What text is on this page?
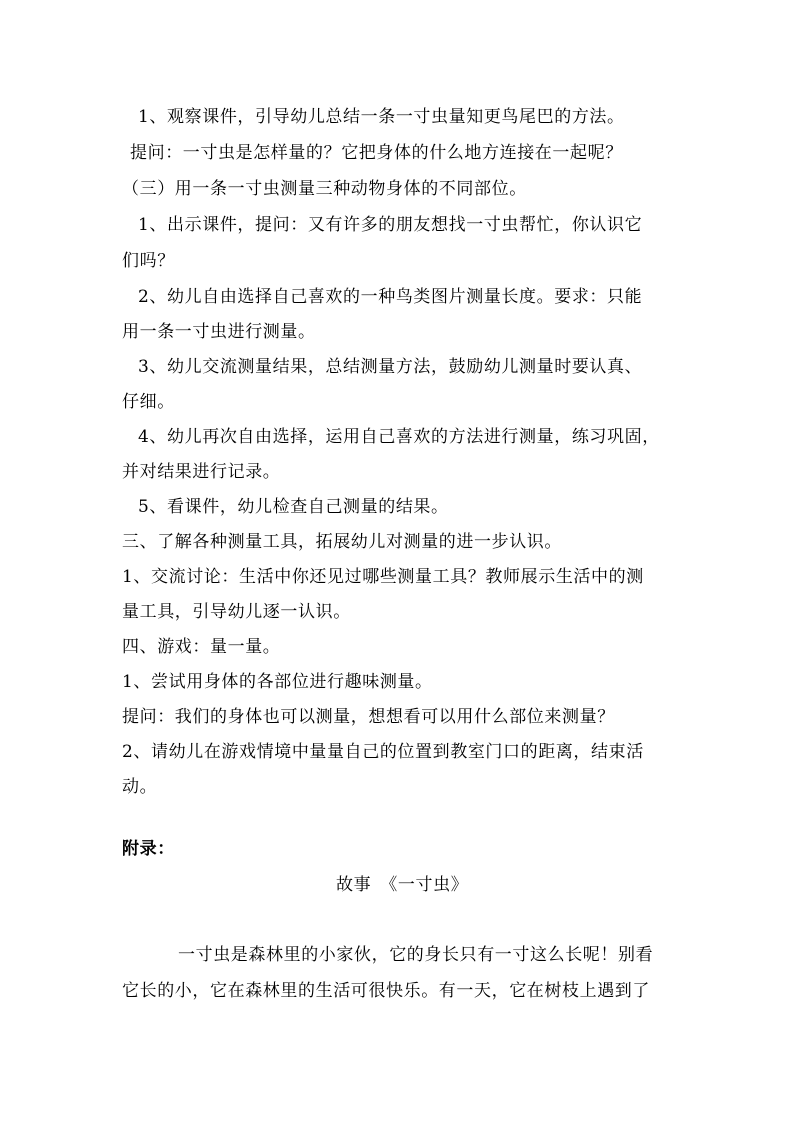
1、观察课件，引导幼儿总结一条一寸虫量知更鸟尾巴的方法。
提问：一寸虫是怎样量的？它把身体的什么地方连接在一起呢？
（三）用一条一寸虫测量三种动物身体的不同部位。
1、出示课件，提问：又有许多的朋友想找一寸虫帮忙，你认识它
们吗？
2、幼儿自由选择自己喜欢的一种鸟类图片测量长度。要求：只能
用一条一寸虫进行测量。
3、幼儿交流测量结果，总结测量方法，鼓励幼儿测量时要认真、
仔细。
4、幼儿再次自由选择，运用自己喜欢的方法进行测量，练习巩固，
并对结果进行记录。
5、看课件，幼儿检查自己测量的结果。
三、了解各种测量工具，拓展幼儿对测量的进一步认识。
1、交流讨论：生活中你还见过哪些测量工具？教师展示生活中的测
量工具，引导幼儿逐一认识。
四、游戏：量一量。
1、尝试用身体的各部位进行趣味测量。
提问：我们的身体也可以测量，想想看可以用什么部位来测量？
2、请幼儿在游戏情境中量量自己的位置到教室门口的距离，结束活
动。
附录：
故事　《一寸虫》
一寸虫是森林里的小家伙，它的身长只有一寸这么长呢！别看
它长的小，它在森林里的生活可很快乐。有一天，它在树枝上遇到了
